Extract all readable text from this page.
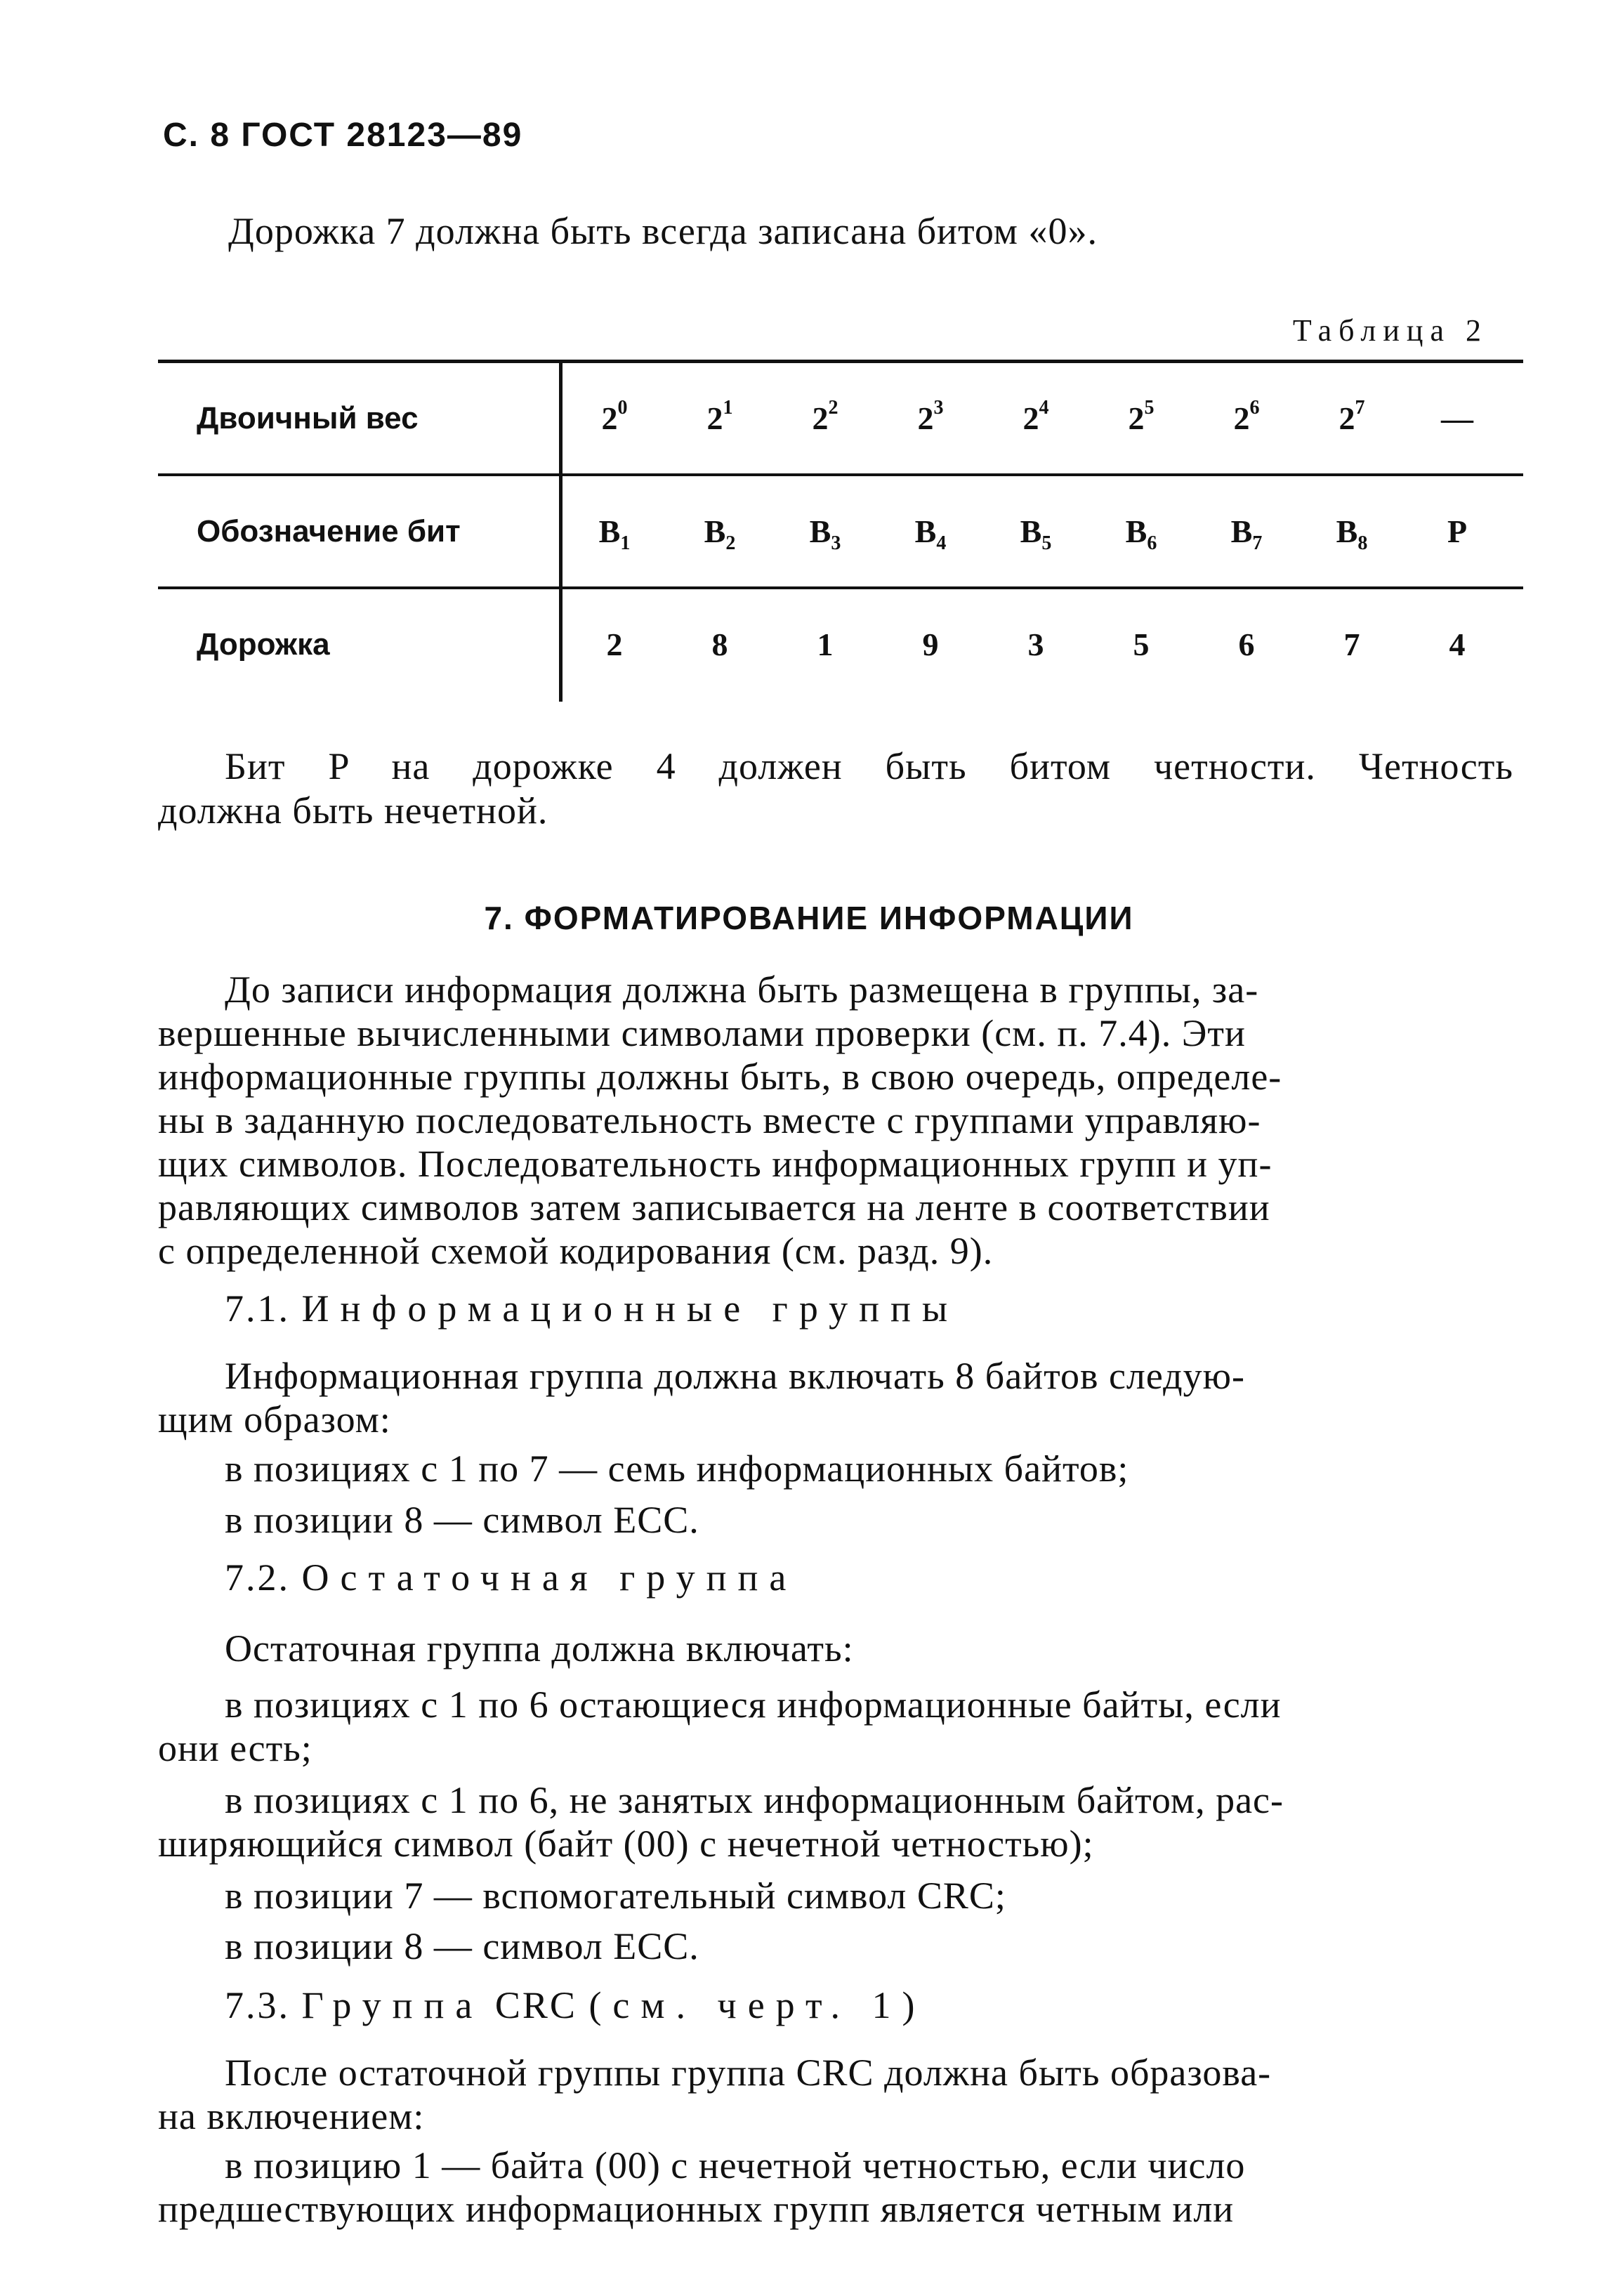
С. 8 ГОСТ 28123—89
Дорожка 7 должна быть всегда записана битом «0».
Таблица 2
Двоичный вес	$2^0$	$2^1$	$2^2$	$2^3$	$2^4$	$2^5$	$2^6$	$2^7$	—
Обозначение бит	$B_1$	$B_2$	$B_3$	$B_4$	$B_5$	$B_6$	$B_7$	$B_8$	P
Дорожка	2	8	1	9	3	5	6	7	4
Бит P на дорожке 4 должен быть битом четности. Четность
должна быть нечетной.
7. ФОРМАТИРОВАНИЕ ИНФОРМАЦИИ
До записи информация должна быть размещена в группы, за-
вершенные вычисленными символами проверки (см. п. 7.4). Эти
информационные группы должны быть, в свою очередь, определе-
ны в заданную последовательность вместе с группами управляю-
щих символов. Последовательность информационных групп и уп-
равляющих символов затем записывается на ленте в соответствии
с определенной схемой кодирования (см. разд. 9).
7.1. Информационные группы
Информационная группа должна включать 8 байтов следую-
щим образом:
в позициях с 1 по 7 — семь информационных байтов;
в позиции 8 — символ ECC.
7.2. Остаточная группа
Остаточная группа должна включать:
в позициях с 1 по 6 остающиеся информационные байты, если
они есть;
в позициях с 1 по 6, не занятых информационным байтом, рас-
ширяющийся символ (байт (00) с нечетной четностью);
в позиции 7 — вспомогательный символ CRC;
в позиции 8 — символ ECC.
7.3. Группа CRC (см. черт. 1)
После остаточной группы группа CRC должна быть образова-
на включением:
в позицию 1 — байта (00) с нечетной четностью, если число
предшествующих информационных групп является четным или
